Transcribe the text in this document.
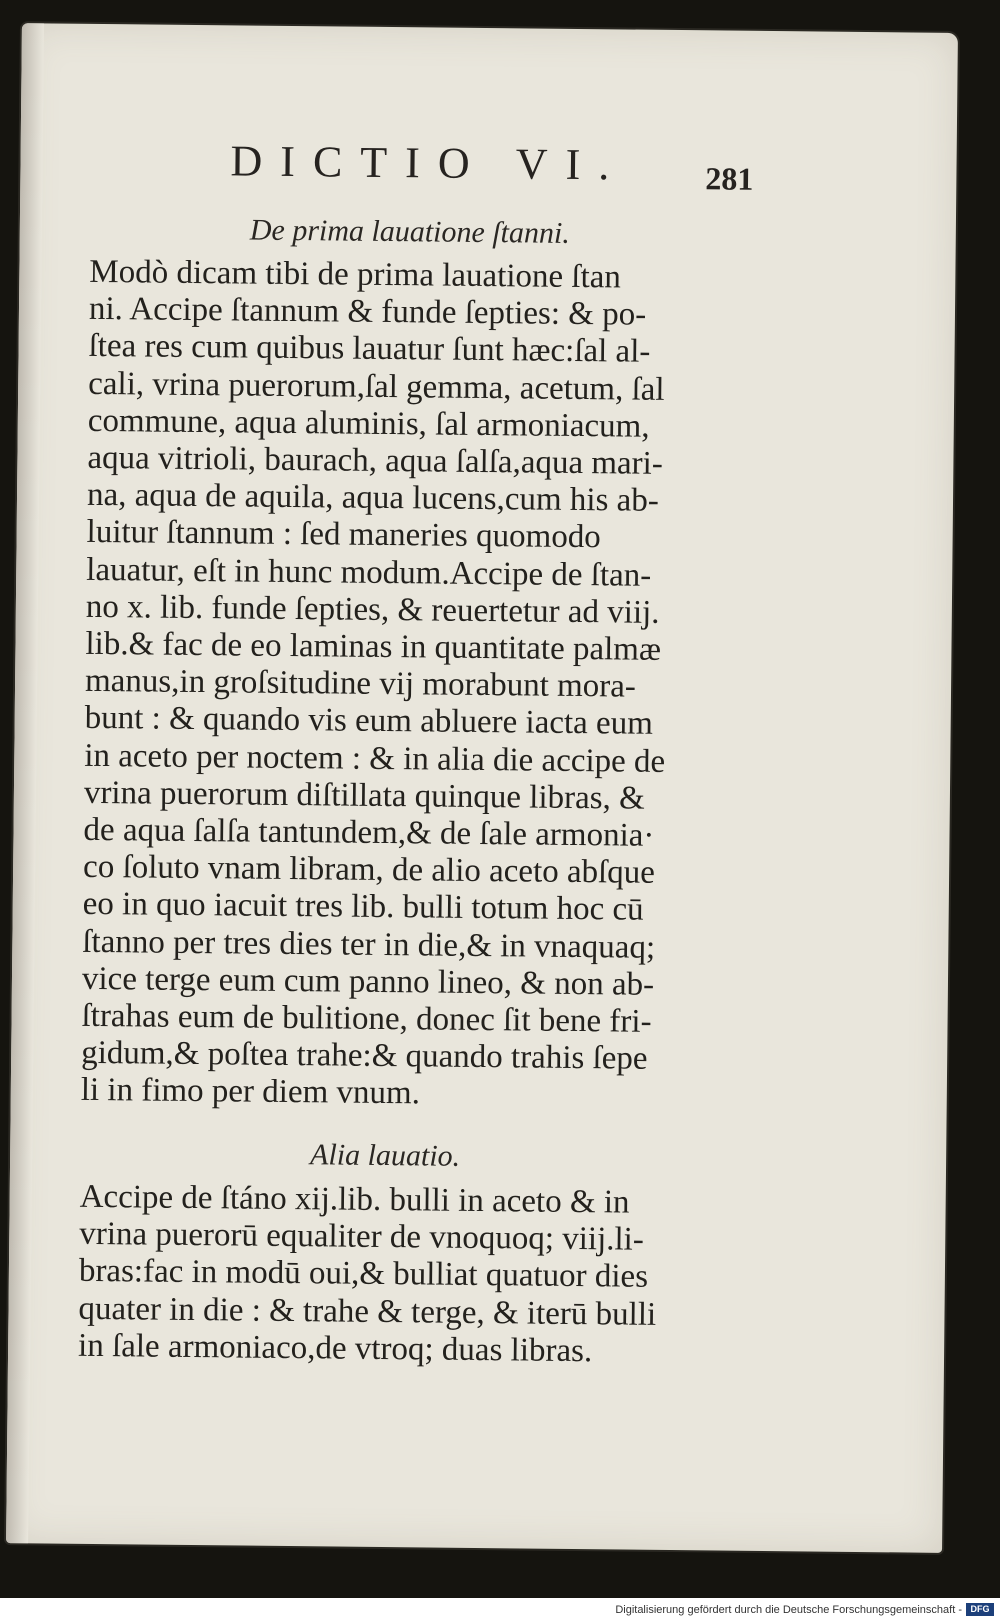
DICTIO VI.	281
De prima lauatione ſtanni.
Modò dicam tibi de prima lauatione ſtan
ni. Accipe ſtannum & funde ſepties: & po-
ſtea res cum quibus lauatur ſunt hæc:ſal al-
cali, vrina puerorum,ſal gemma, acetum, ſal
commune, aqua aluminis, ſal armoniacum,
aqua vitrioli, baurach, aqua ſalſa,aqua mari-
na, aqua de aquila, aqua lucens,cum his ab-
luitur ſtannum : ſed maneries quomodo
lauatur, eſt in hunc modum.Accipe de ſtan-
no x. lib. funde ſepties, & reuertetur ad viij.
lib.& fac de eo laminas in quantitate palmæ
manus,in groſsitudine vij morabunt mora-
bunt : & quando vis eum abluere iacta eum
in aceto per noctem : & in alia die accipe de
vrina puerorum diſtillata quinque libras, &
de aqua ſalſa tantundem,& de ſale armonia·
co ſoluto vnam libram, de alio aceto abſque
eo in quo iacuit tres lib. bulli totum hoc cū
ſtanno per tres dies ter in die,& in vnaquaq;
vice terge eum cum panno lineo, & non ab-
ſtrahas eum de bulitione, donec ſit bene fri-
gidum,& poſtea trahe:& quando trahis ſepe
li in fimo per diem vnum.
Alia lauatio.
Accipe de ſtáno xij.lib. bulli in aceto & in
vrina puerorū equaliter de vnoquoq; viij.li-
bras:fac in modū oui,& bulliat quatuor dies
quater in die : & trahe & terge, & iterū bulli
in ſale armoniaco,de vtroq; duas libras.
Digitalisierung gefördert durch die Deutsche Forschungsgemeinschaft - DFG
